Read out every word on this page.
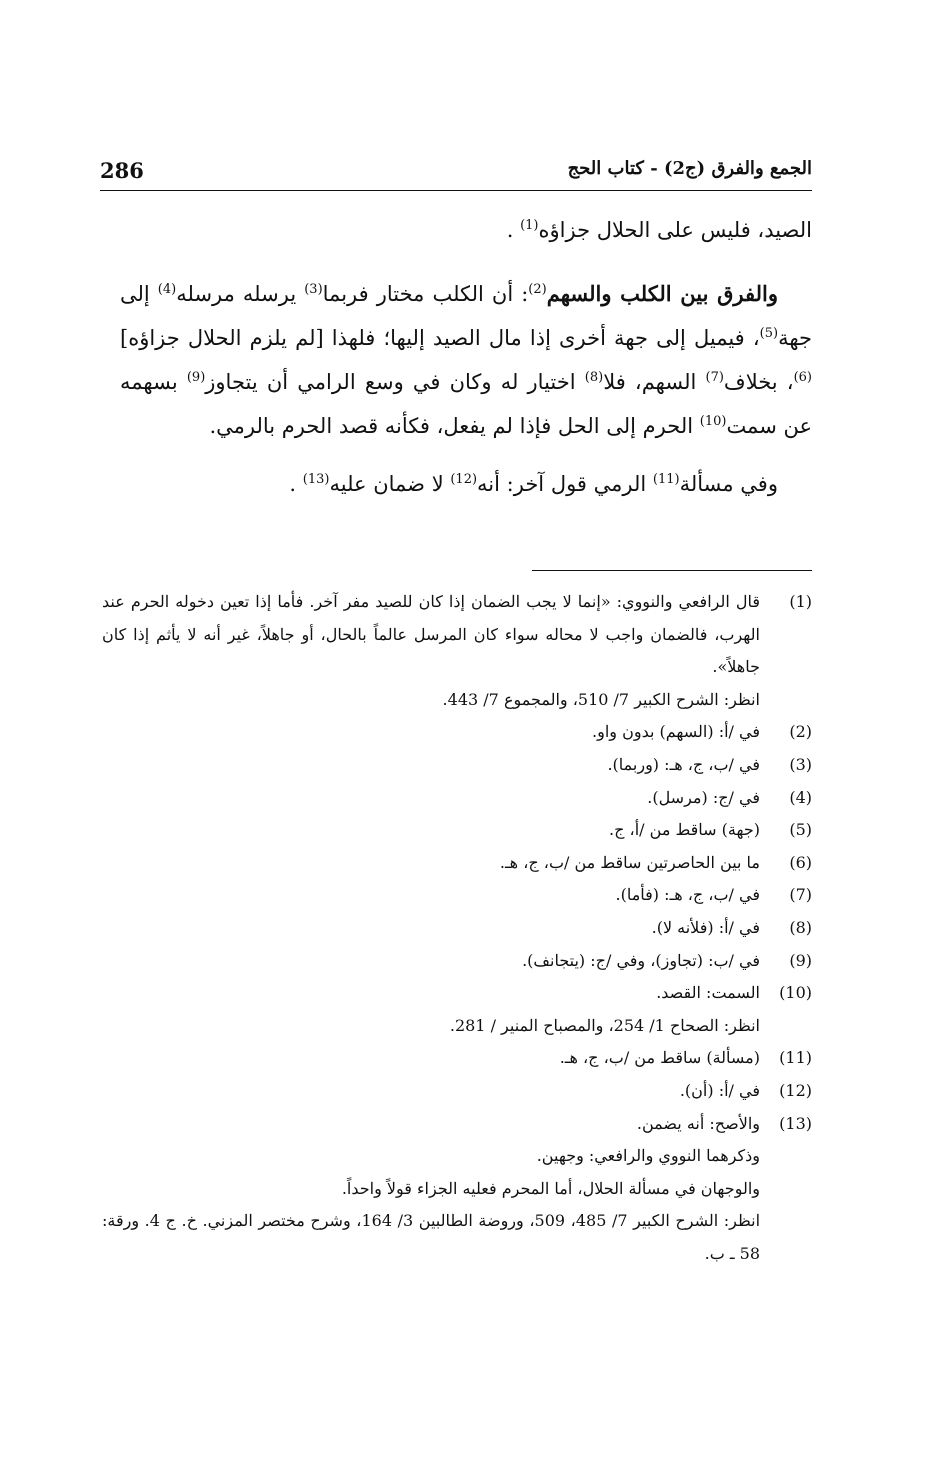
286	الجمع والفرق (ج2) - كتاب الحج

الصيد، فليس على الحلال جزاؤه$^{(1)}$ .

والفرق بين الكلب والسهم$^{(2)}$: أن الكلب مختار فربما$^{(3)}$ يرسله مرسله$^{(4)}$ إلى جهة$^{(5)}$، فيميل إلى جهة أخرى إذا مال الصيد إليها؛ فلهذا [لم يلزم الحلال جزاؤه]$^{(6)}$، بخلاف$^{(7)}$ السهم، فلا$^{(8)}$ اختيار له وكان في وسع الرامي أن يتجاوز$^{(9)}$ بسهمه عن سمت$^{(10)}$ الحرم إلى الحل فإذا لم يفعل، فكأنه قصد الحرم بالرمي.

وفي مسألة$^{(11)}$ الرمي قول آخر: أنه$^{(12)}$ لا ضمان عليه$^{(13)}$ .

(1)
قال الرافعي والنووي: «إنما لا يجب الضمان إذا كان للصيد مفر آخر. فأما إذا تعين دخوله الحرم عند الهرب، فالضمان واجب لا محاله سواء كان المرسل عالماً بالحال، أو جاهلاً، غير أنه لا يأثم إذا كان جاهلاً».
انظر: الشرح الكبير 7/ 510، والمجموع 7/ 443.
(2)
في /أ: (السهم) بدون واو.
(3)
في /ب، ج، هـ: (وربما).
(4)
في /ج: (مرسل).
(5)
(جهة) ساقط من /أ، ج.
(6)
ما بين الحاصرتين ساقط من /ب، ج، هـ.
(7)
في /ب، ج، هـ: (فأما).
(8)
في /أ: (فلأنه لا).
(9)
في /ب: (تجاوز)، وفي /ج: (يتجانف).
(10)
السمت: القصد.
انظر: الصحاح 1/ 254، والمصباح المنير / 281.
(11)
(مسألة) ساقط من /ب، ج، هـ.
(12)
في /أ: (أن).
(13)
والأصح: أنه يضمن.
وذكرهما النووي والرافعي: وجهين.
والوجهان في مسألة الحلال، أما المحرم فعليه الجزاء قولاً واحداً.
انظر: الشرح الكبير 7/ 485، 509، وروضة الطالبين 3/ 164، وشرح مختصر المزني. خ. ج 4. ورقة: 58 ـ ب.
